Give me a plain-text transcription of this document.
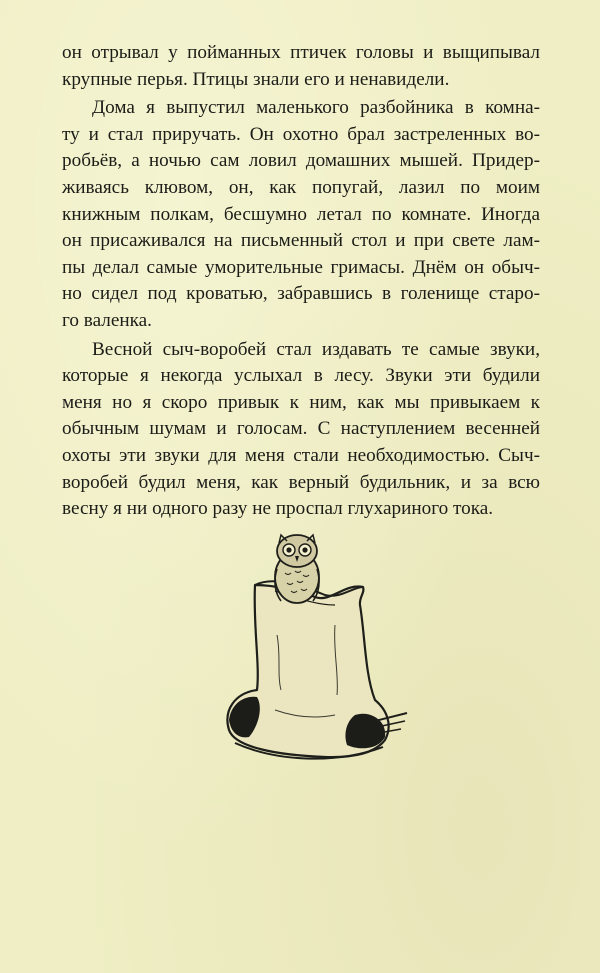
он отрывал у пойманных птичек головы и выщипывал
крупные перья. Птицы знали его и ненавидели.
Дома я выпустил маленького разбойника в комна-
ту и стал приручать. Он охотно брал застреленных во-
робьёв, а ночью сам ловил домашних мышей. Придер-
живаясь клювом, он, как попугай, лазил по моим
книжным полкам, бесшумно летал по комнате. Иногда
он присаживался на письменный стол и при свете лам-
пы делал самые уморительные гримасы. Днём он обыч-
но сидел под кроватью, забравшись в голенище старо-
го валенка.
Весной сыч-воробей стал издавать те самые звуки,
которые я некогда услыхал в лесу. Звуки эти будили
меня но я скоро привык к ним, как мы привыкаем к
обычным шумам и голосам. С наступлением весенней
охоты эти звуки для меня стали необходимостью. Сыч-
воробей будил меня, как верный будильник, и за всю
весну я ни одного разу не проспал глухариного тока.
